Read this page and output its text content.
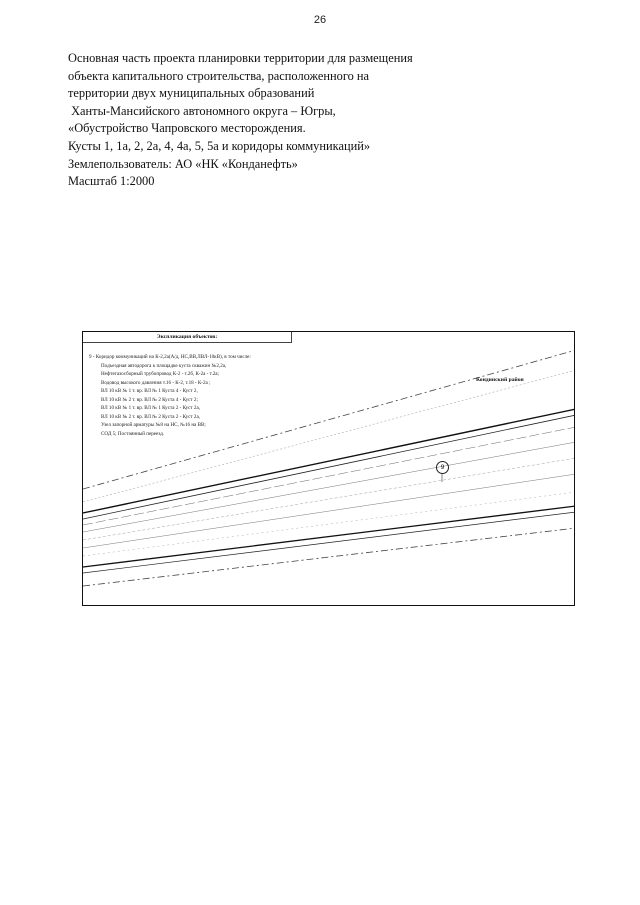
26
Основная часть проекта планировки территории для размещения
объекта капитального строительства, расположенного на
территории двух муниципальных образований
Ханты-Мансийского автономного округа – Югры,
«Обустройство Чапровского месторождения.
Кусты 1, 1а, 2, 2а, 4, 4а, 5, 5а и коридоры коммуникаций»
Землепользователь: АО «НК «Конданефть»
Масштаб 1:2000
Экспликация объектов:
9 - Коридор коммуникаций на К-2,2а(А/д, НС,ВВ,ЛВЛ-10кВ), в том числе:
Подъездная автодорога к площадке куста скважин №2,2а,
Нефтегазосборный трубопровод К-2 - т.2б, К-2а - т.2а;
Водовод высокого давления т.16 - К-2, т.18 - К-2а ;
ВЛ 10 кВ № 1 т. вр. ВЛ № 1 Куста 4 - Куст 2,
ВЛ 10 кВ № 2 т. вр. ВЛ № 2 Куста 4 - Куст 2;
ВЛ 10 кВ № 1 т. вр. ВЛ № 1 Куста 2 - Куст 2а,
ВЛ 10 кВ № 2 т. вр. ВЛ № 2 Куста 2 - Куст 2а,
Узел запорной арматуры №8 на НС, №16 на ВВ;
СОД 5; Постоянный переезд.
Кондинский район
9
